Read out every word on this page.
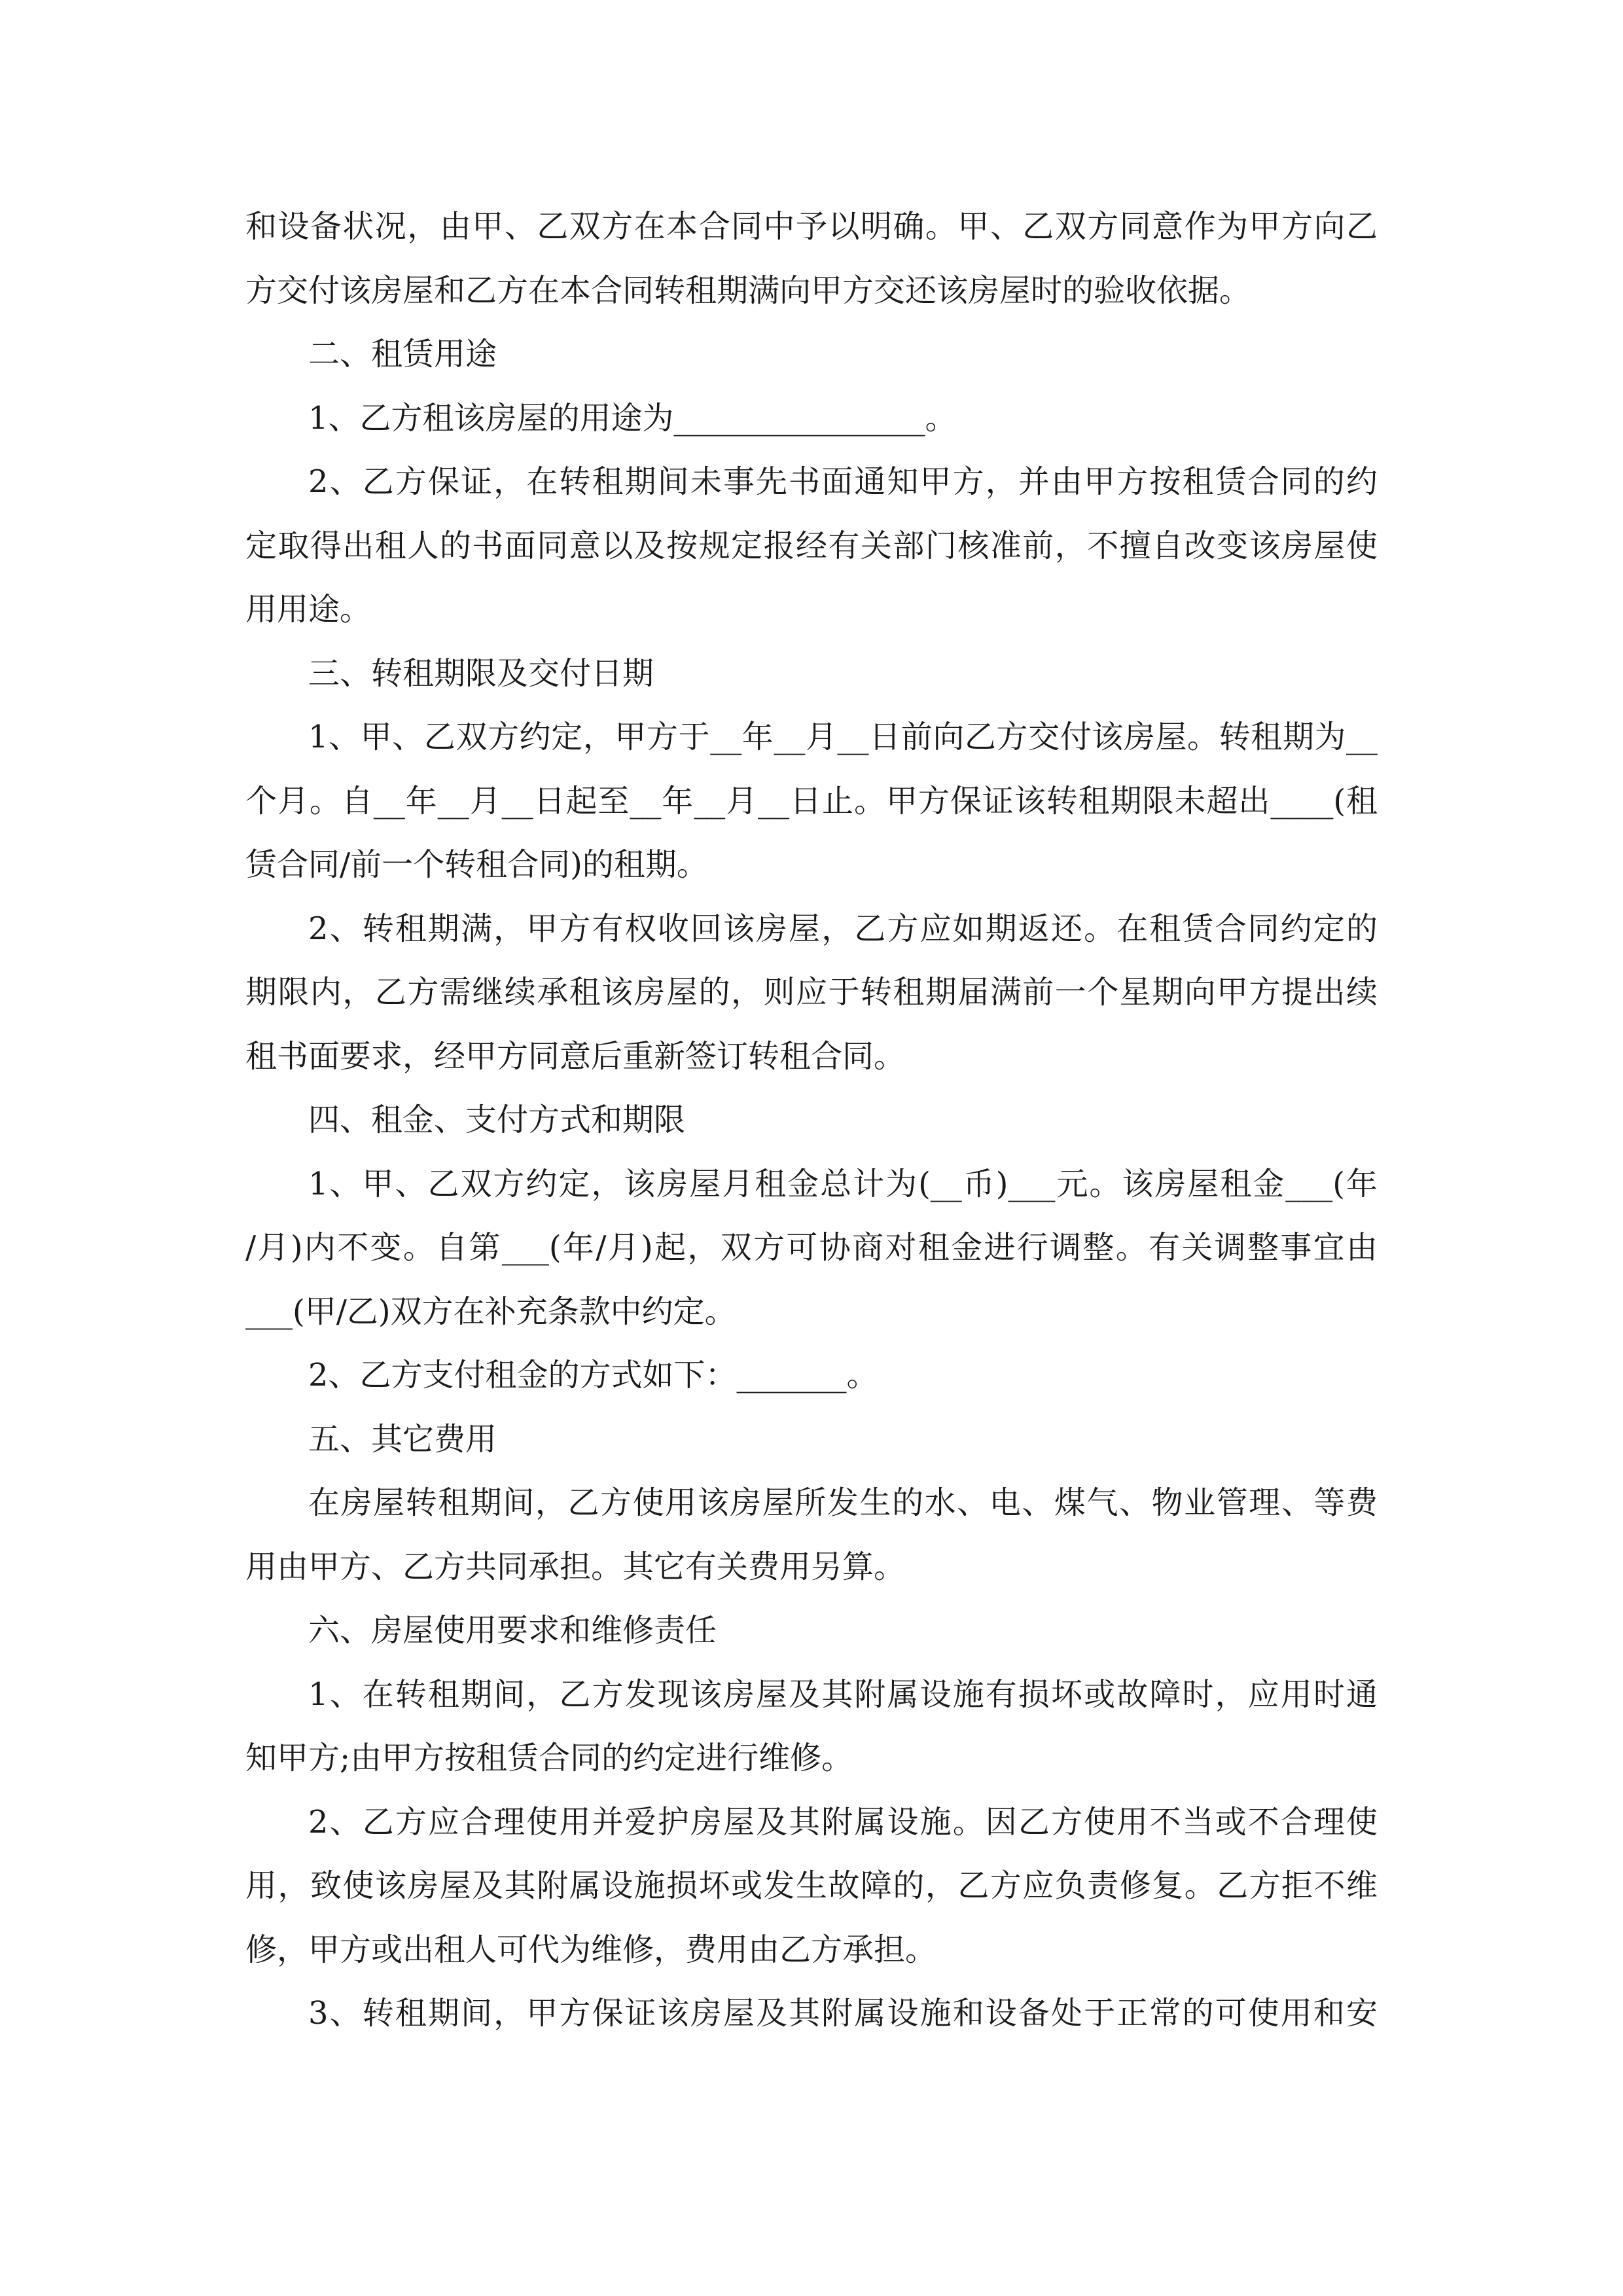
和设备状况，由甲、乙双方在本合同中予以明确。甲、乙双方同意作为甲方向乙
方交付该房屋和乙方在本合同转租期满向甲方交还该房屋时的验收依据。
二、租赁用途
1、乙方租该房屋的用途为________________。
2、乙方保证，在转租期间未事先书面通知甲方，并由甲方按租赁合同的约
定取得出租人的书面同意以及按规定报经有关部门核准前，不擅自改变该房屋使
用用途。
三、转租期限及交付日期
1、甲、乙双方约定，甲方于__年__月__日前向乙方交付该房屋。转租期为__
个月。自__年__月__日起至__年__月__日止。甲方保证该转租期限未超出____(租
赁合同/前一个转租合同)的租期。
2、转租期满，甲方有权收回该房屋，乙方应如期返还。在租赁合同约定的
期限内，乙方需继续承租该房屋的，则应于转租期届满前一个星期向甲方提出续
租书面要求，经甲方同意后重新签订转租合同。
四、租金、支付方式和期限
1、甲、乙双方约定，该房屋月租金总计为(__币)___元。该房屋租金___(年
/月)内不变。自第___(年/月)起，双方可协商对租金进行调整。有关调整事宜由
___(甲/乙)双方在补充条款中约定。
2、乙方支付租金的方式如下：_______。
五、其它费用
在房屋转租期间，乙方使用该房屋所发生的水、电、煤气、物业管理、等费
用由甲方、乙方共同承担。其它有关费用另算。
六、房屋使用要求和维修责任
1、在转租期间，乙方发现该房屋及其附属设施有损坏或故障时，应用时通
知甲方;由甲方按租赁合同的约定进行维修。
2、乙方应合理使用并爱护房屋及其附属设施。因乙方使用不当或不合理使
用，致使该房屋及其附属设施损坏或发生故障的，乙方应负责修复。乙方拒不维
修，甲方或出租人可代为维修，费用由乙方承担。
3、转租期间，甲方保证该房屋及其附属设施和设备处于正常的可使用和安
